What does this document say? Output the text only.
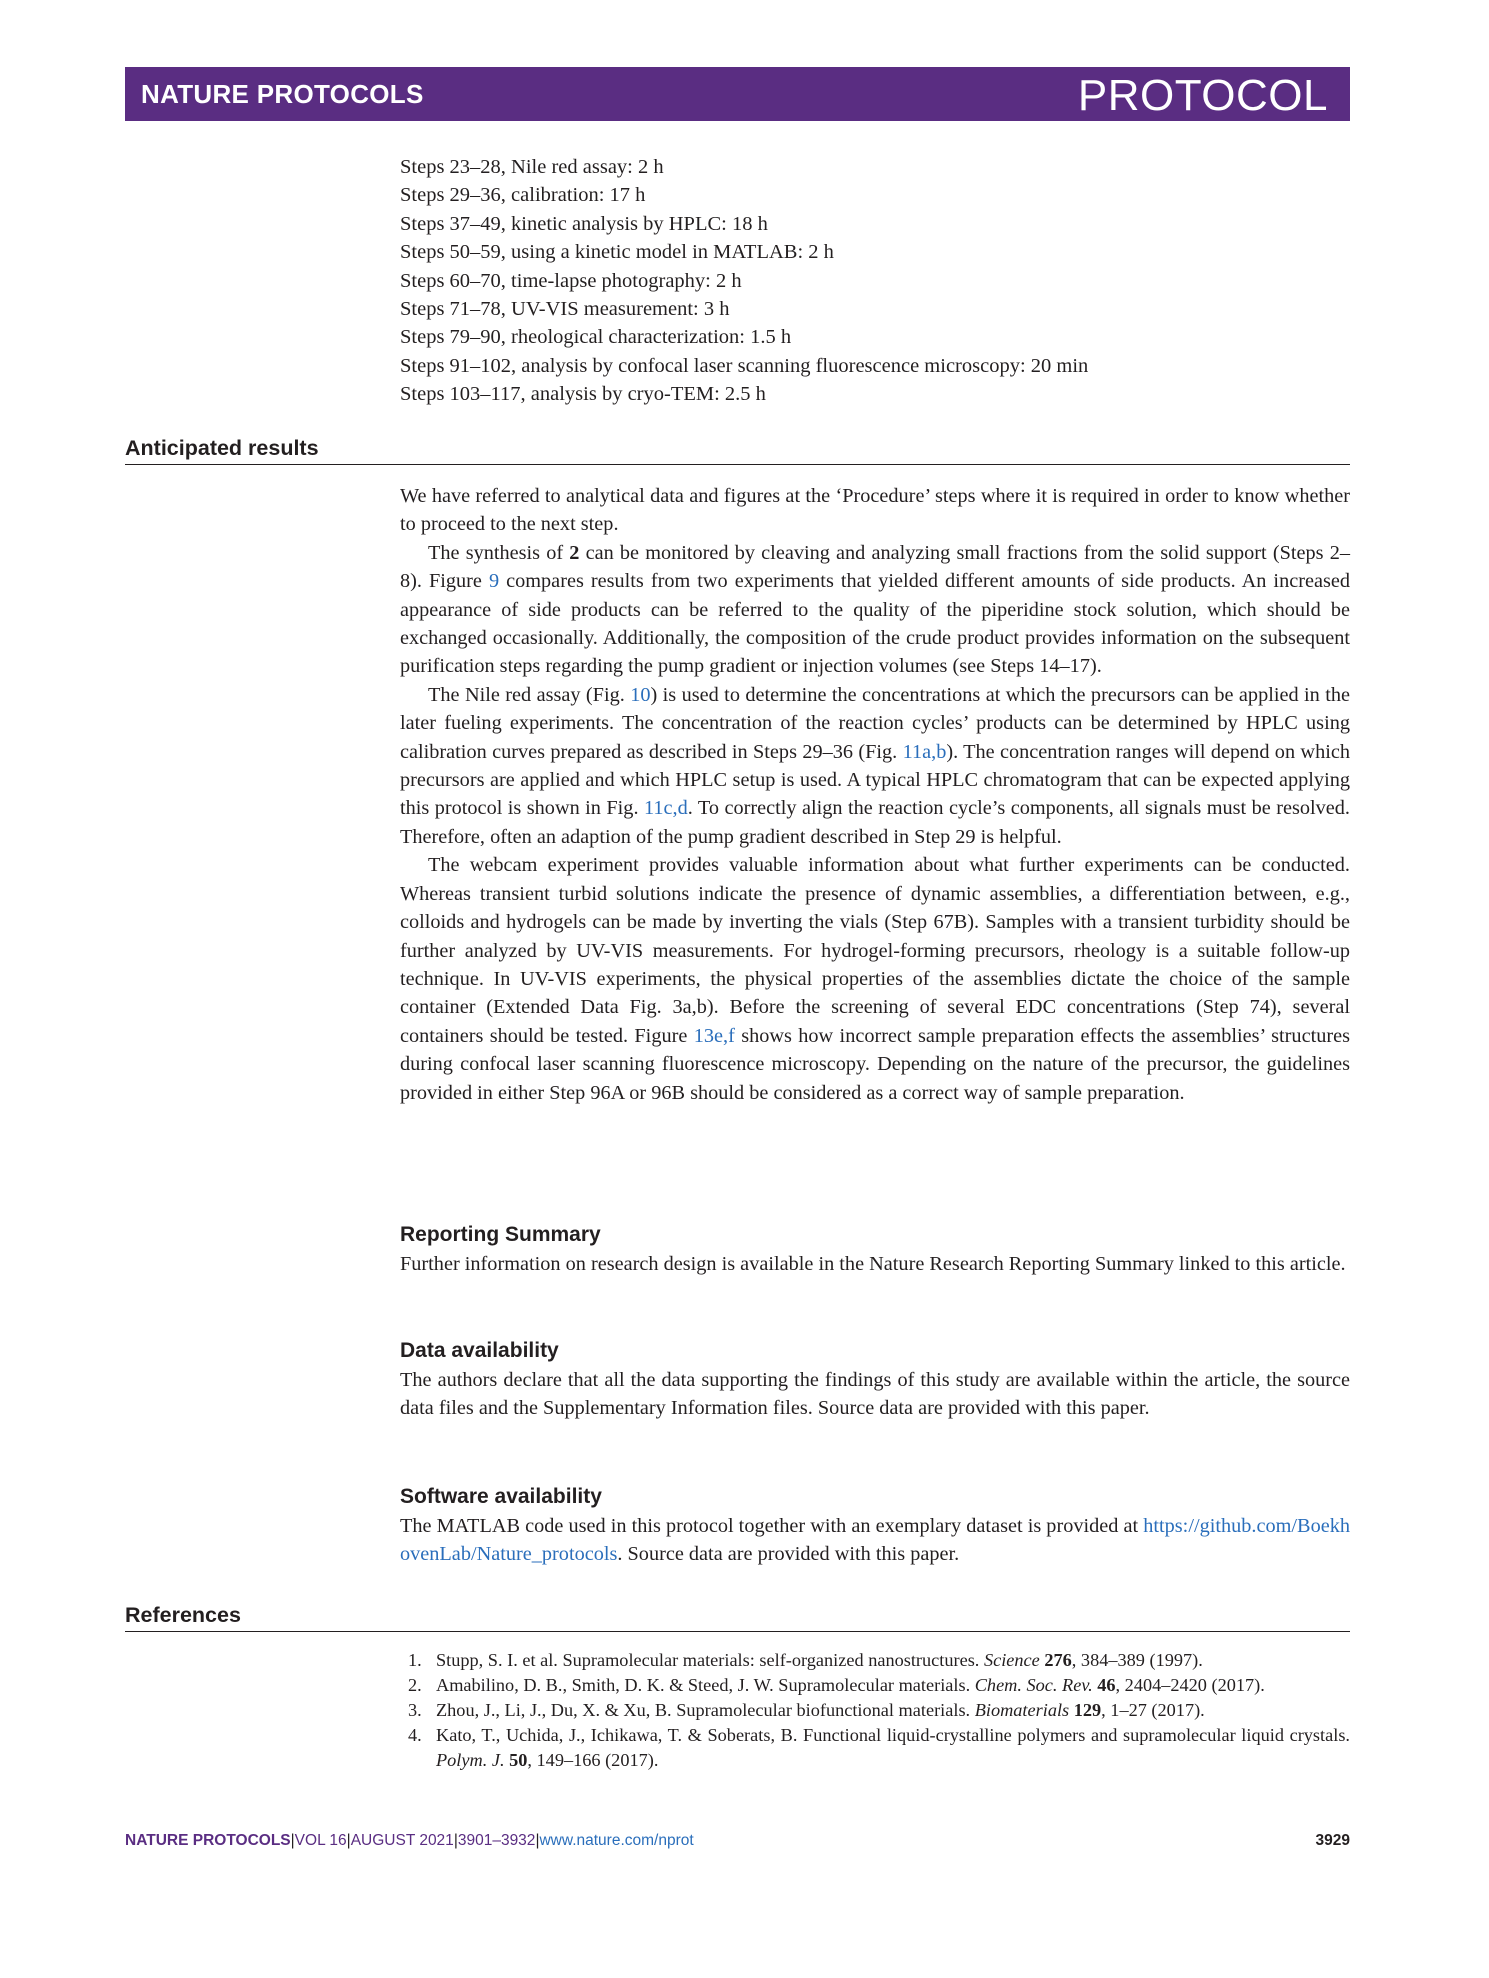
NATURE PROTOCOLS	PROTOCOL
Steps 23–28, Nile red assay: 2 h
Steps 29–36, calibration: 17 h
Steps 37–49, kinetic analysis by HPLC: 18 h
Steps 50–59, using a kinetic model in MATLAB: 2 h
Steps 60–70, time-lapse photography: 2 h
Steps 71–78, UV-VIS measurement: 3 h
Steps 79–90, rheological characterization: 1.5 h
Steps 91–102, analysis by confocal laser scanning fluorescence microscopy: 20 min
Steps 103–117, analysis by cryo-TEM: 2.5 h
Anticipated results

We have referred to analytical data and figures at the ‘Procedure’ steps where it is required in order to know whether to proceed to the next step.

The synthesis of 2 can be monitored by cleaving and analyzing small fractions from the solid support (Steps 2–8). Figure 9 compares results from two experiments that yielded different amounts of side products. An increased appearance of side products can be referred to the quality of the piperidine stock solution, which should be exchanged occasionally. Additionally, the composition of the crude product provides information on the subsequent purification steps regarding the pump gradient or injection volumes (see Steps 14–17).

The Nile red assay (Fig. 10) is used to determine the concentrations at which the precursors can be applied in the later fueling experiments. The concentration of the reaction cycles’ products can be determined by HPLC using calibration curves prepared as described in Steps 29–36 (Fig. 11a,b). The concentration ranges will depend on which precursors are applied and which HPLC setup is used. A typical HPLC chromatogram that can be expected applying this protocol is shown in Fig. 11c,d. To correctly align the reaction cycle’s components, all signals must be resolved. Therefore, often an adaption of the pump gradient described in Step 29 is helpful.

The webcam experiment provides valuable information about what further experiments can be conducted. Whereas transient turbid solutions indicate the presence of dynamic assemblies, a differentiation between, e.g., colloids and hydrogels can be made by inverting the vials (Step 67B). Samples with a transient turbidity should be further analyzed by UV-VIS measurements. For hydrogel-forming precursors, rheology is a suitable follow-up technique. In UV-VIS experiments, the physical properties of the assemblies dictate the choice of the sample container (Extended Data Fig. 3a,b). Before the screening of several EDC concentrations (Step 74), several containers should be tested. Figure 13e,f shows how incorrect sample preparation effects the assemblies’ structures during confocal laser scanning fluorescence microscopy. Depending on the nature of the precursor, the guidelines provided in either Step 96A or 96B should be considered as a correct way of sample preparation.

Reporting Summary

Further information on research design is available in the Nature Research Reporting Summary linked to this article.

Data availability

The authors declare that all the data supporting the findings of this study are available within the article, the source data files and the Supplementary Information files. Source data are provided with this paper.

Software availability

The MATLAB code used in this protocol together with an exemplary dataset is provided at https://github.com/BoekhovenLab/Nature_protocols. Source data are provided with this paper.

References
1. Stupp, S. I. et al. Supramolecular materials: self-organized nanostructures. Science 276, 384–389 (1997).
2. Amabilino, D. B., Smith, D. K. & Steed, J. W. Supramolecular materials. Chem. Soc. Rev. 46, 2404–2420 (2017).
3. Zhou, J., Li, J., Du, X. & Xu, B. Supramolecular biofunctional materials. Biomaterials 129, 1–27 (2017).
4. Kato, T., Uchida, J., Ichikawa, T. & Soberats, B. Functional liquid-crystalline polymers and supramolecular liquid crystals. Polym. J. 50, 149–166 (2017).
NATURE PROTOCOLS|VOL 16|AUGUST 2021|3901–3932|www.nature.com/nprot	3929
